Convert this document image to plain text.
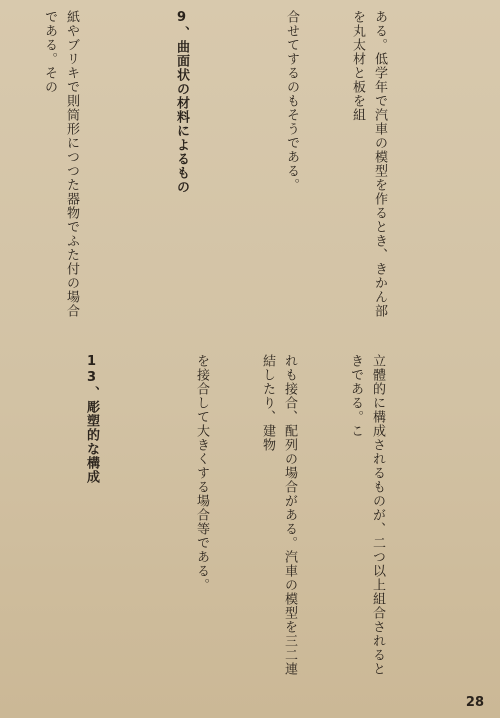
ある。低学年で汽車の模型を作るとき、きかん部を丸太材と板を組

合せてするのもそうである。

9、曲面状の材料によるもの

紙やブリキで則筒形につつた器物でふた付の場合である。その

立體的に構成されるものが、二つ以上組合されるときである。こ

れも接合、配列の場合がある。汽車の模型を三二連結したり、建物

を接合して大きくする場合等である。

13、彫塑的な構成

28
